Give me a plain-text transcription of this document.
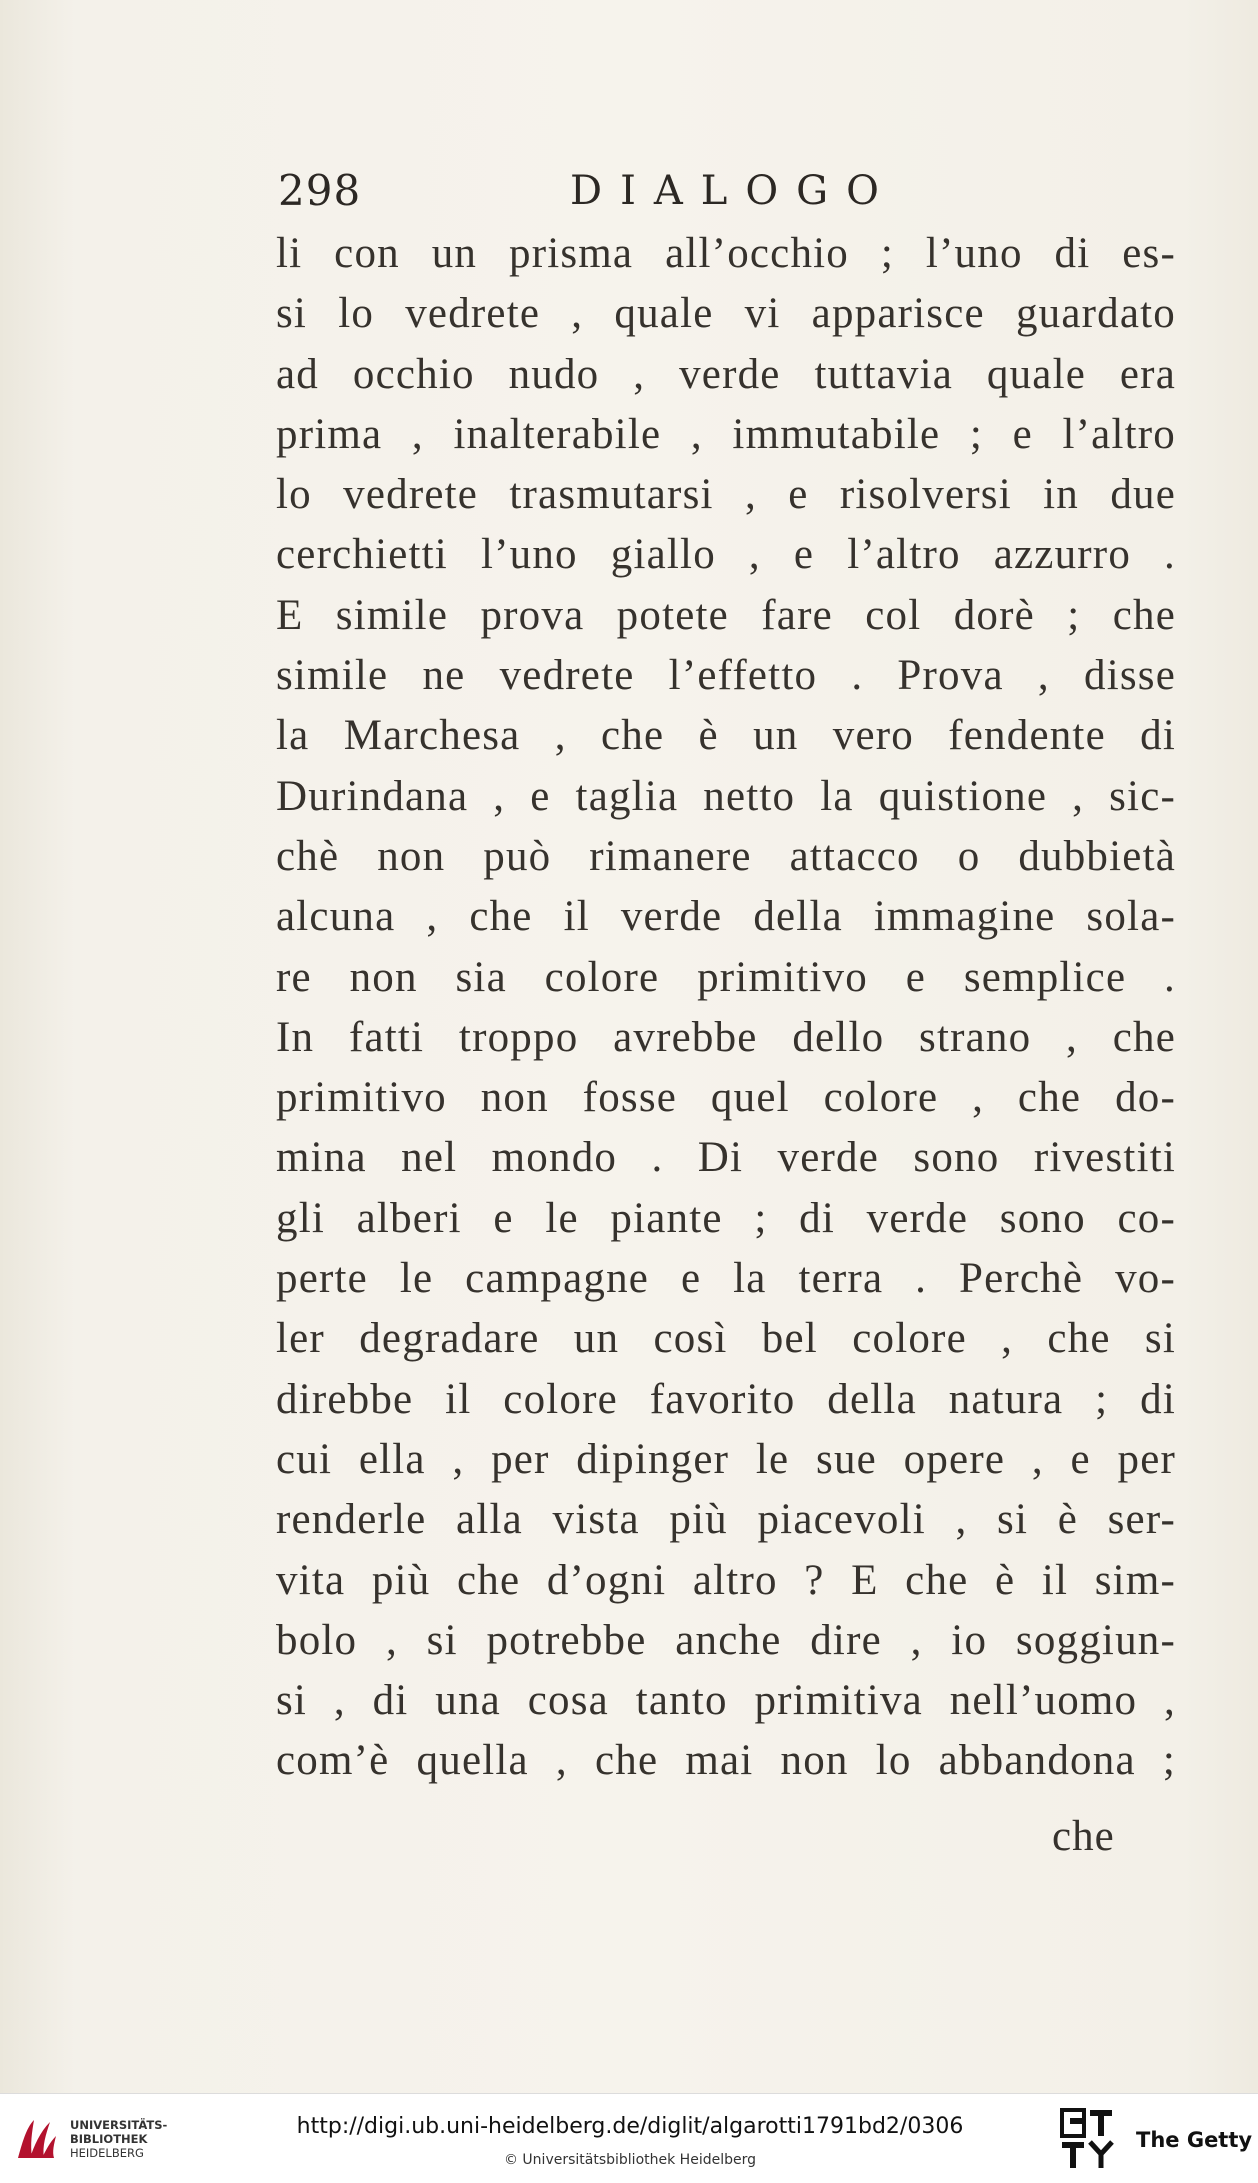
298	DIALOGO
li con un prisma all’occhio ; l’uno di es-
si lo vedrete , quale vi apparisce guardato
ad occhio nudo , verde tuttavia quale era
prima , inalterabile , immutabile ; e l’altro
lo vedrete trasmutarsi , e risolversi in due
cerchietti l’uno giallo , e l’altro azzurro .
E simile prova potete fare col dorè ; che
simile ne vedrete l’effetto . Prova , disse
la Marchesa , che è un vero fendente di
Durindana , e taglia netto la quistione , sic-
chè non può rimanere attacco o dubbietà
alcuna , che il verde della immagine sola-
re non sia colore primitivo e semplice .
In fatti troppo avrebbe dello strano , che
primitivo non fosse quel colore , che do-
mina nel mondo . Di verde sono rivestiti
gli alberi e le piante ; di verde sono co-
perte le campagne e la terra . Perchè vo-
ler degradare un così bel colore , che si
direbbe il colore favorito della natura ; di
cui ella , per dipinger le sue opere , e per
renderle alla vista più piacevoli , si è ser-
vita più che d’ogni altro ? E che è il sim-
bolo , si potrebbe anche dire , io soggiun-
si , di una cosa tanto primitiva nell’uomo ,
com’è quella , che mai non lo abbandona ;
che
UNIVERSITÄTS-
BIBLIOTHEK
HEIDELBERG
http://digi.ub.uni-heidelberg.de/diglit/algarotti1791bd2/0306
© Universitätsbibliothek Heidelberg
The Getty
